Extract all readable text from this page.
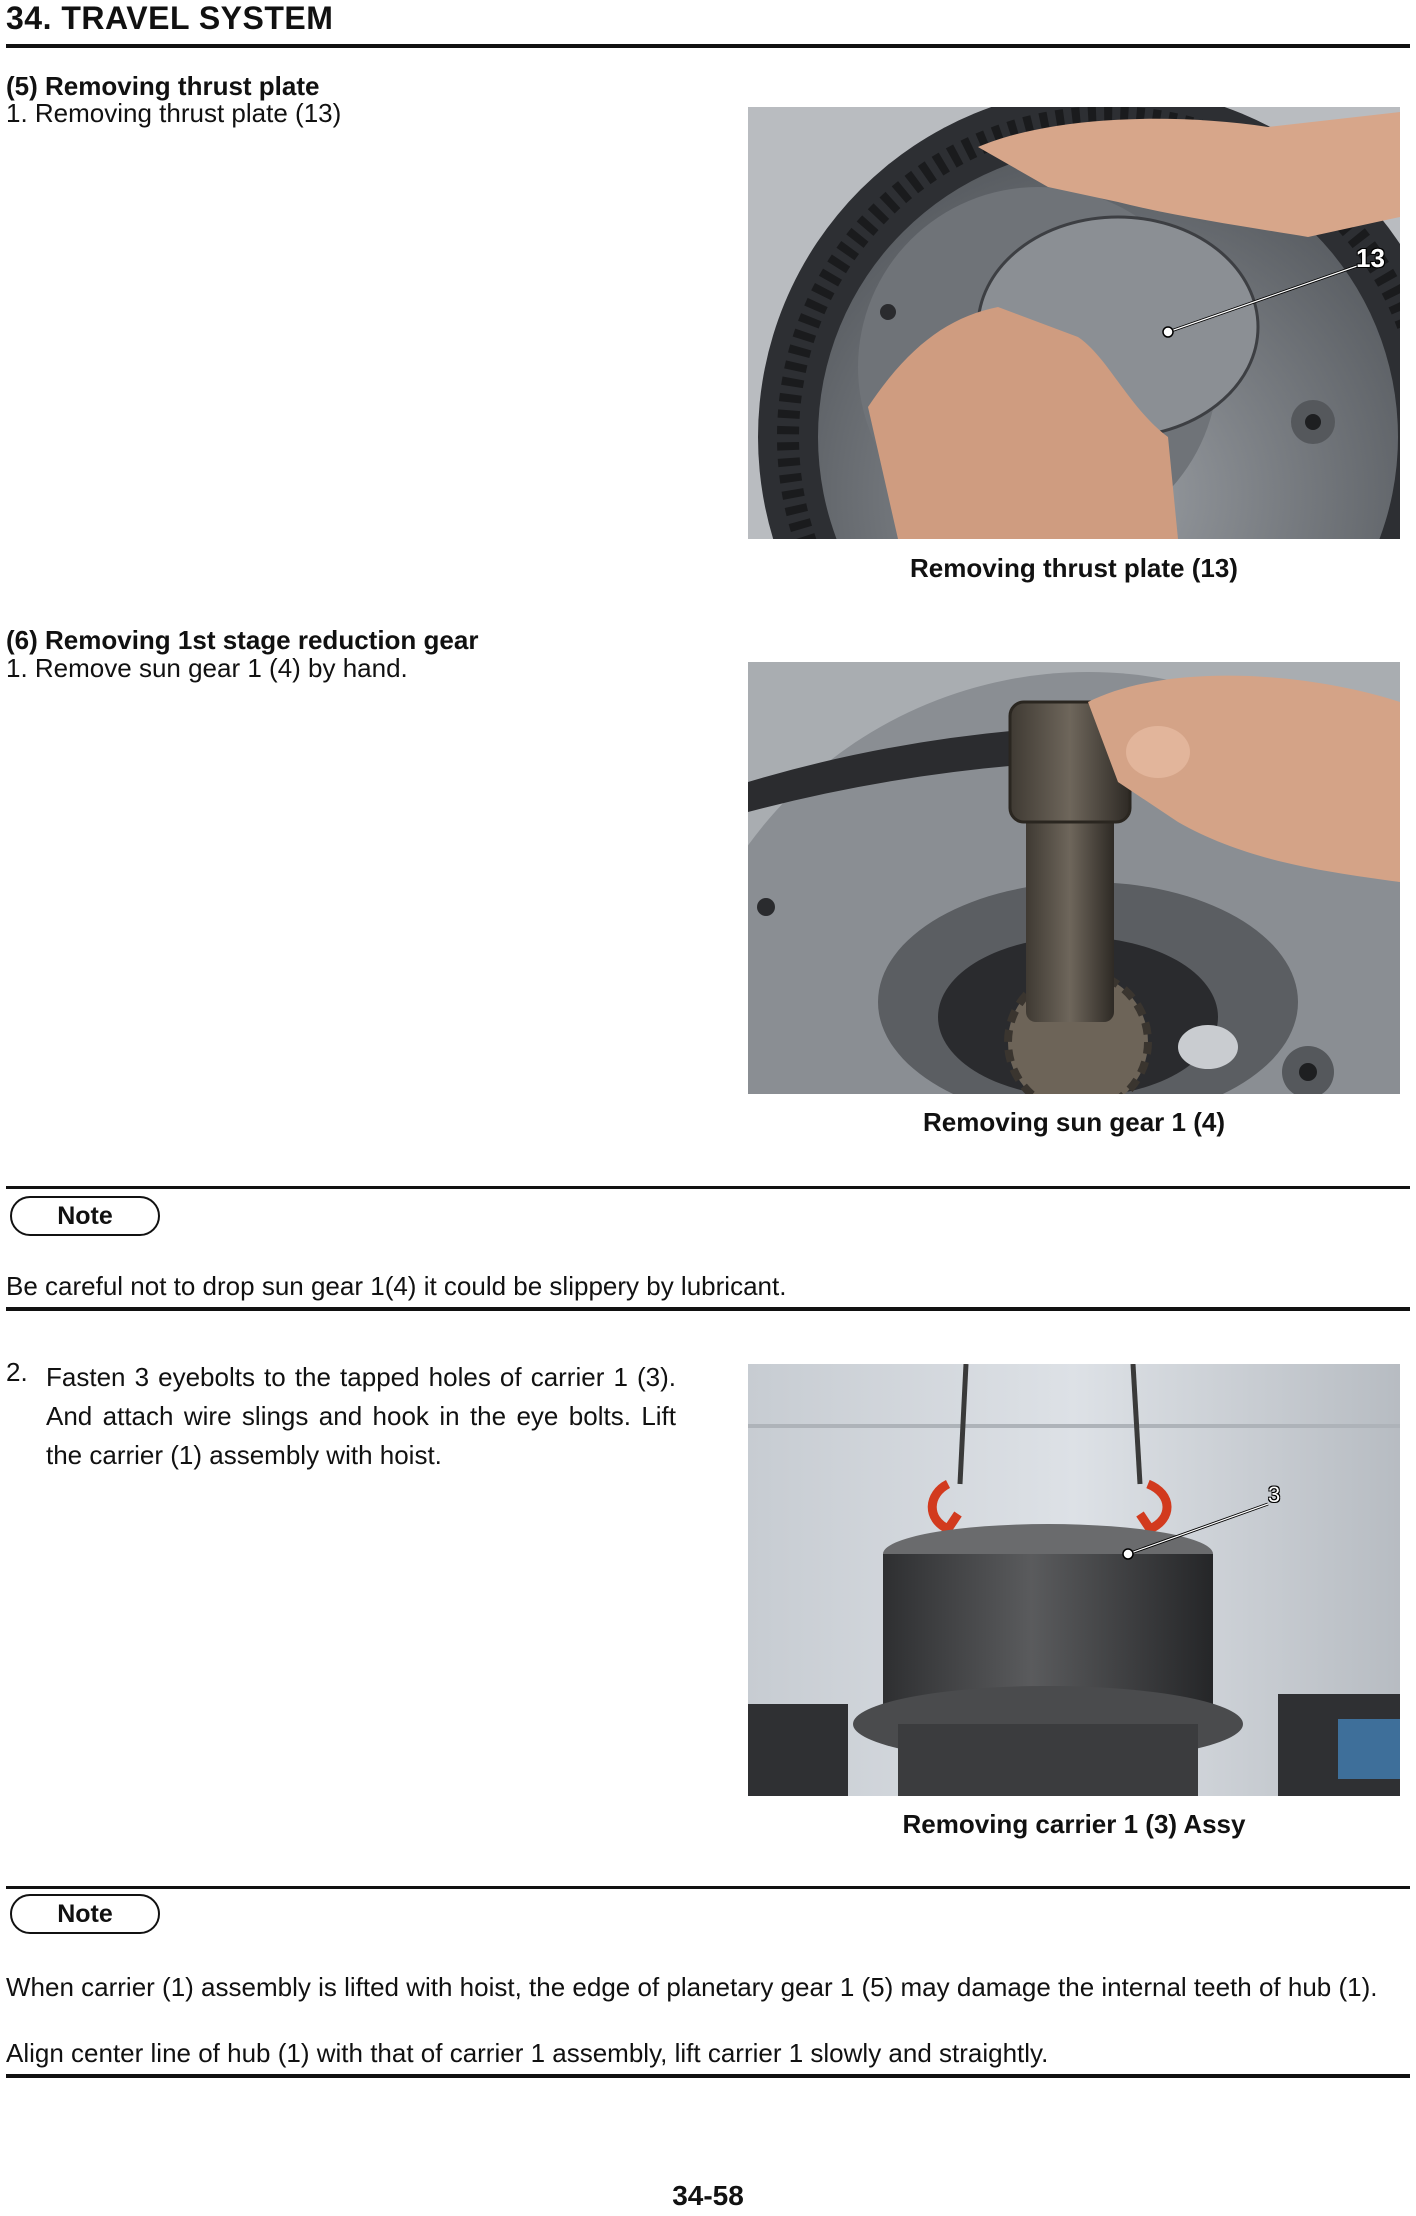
34. TRAVEL SYSTEM
(5) Removing thrust plate
1. Removing thrust plate (13)
13
Removing thrust plate (13)
(6) Removing 1st stage reduction gear
1. Remove sun gear 1 (4) by hand.
Removing sun gear 1 (4)
Note
Be careful not to drop sun gear 1(4) it could be slippery by lubricant.
2. Fasten 3 eyebolts to the tapped holes of carrier 1 (3). And attach wire slings and hook in the eye bolts. Lift the carrier (1) assembly with hoist.
3
Removing carrier 1 (3) Assy
Note
When carrier (1) assembly is lifted with hoist, the edge of planetary gear 1 (5) may damage the internal teeth of hub (1).
Align center line of hub (1) with that of carrier 1 assembly, lift carrier 1 slowly and straightly.
34-58
